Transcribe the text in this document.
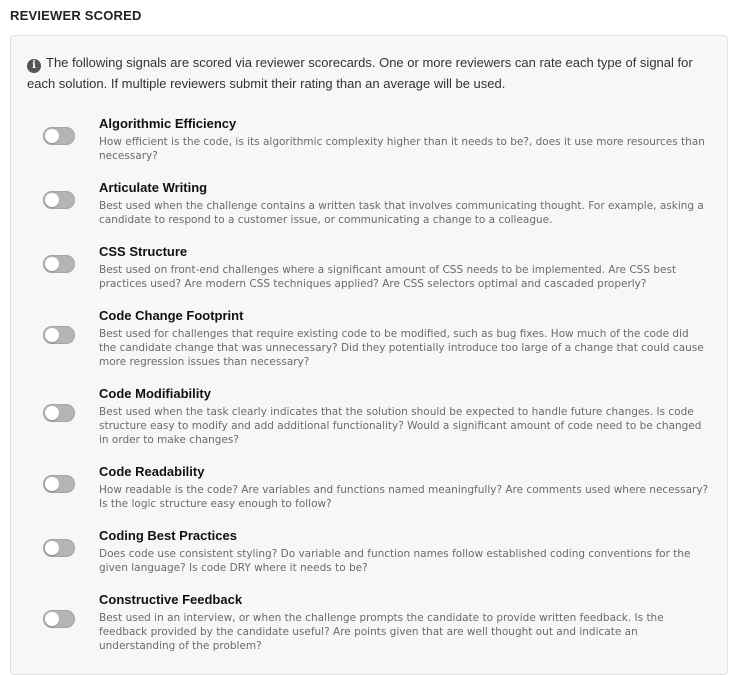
REVIEWER SCORED
i The following signals are scored via reviewer scorecards. One or more reviewers can rate each type of signal for each solution. If multiple reviewers submit their rating than an average will be used.
Algorithmic Efficiency
How efficient is the code, is its algorithmic complexity higher than it needs to be?, does it use more resources than necessary?
Articulate Writing
Best used when the challenge contains a written task that involves communicating thought. For example, asking a candidate to respond to a customer issue, or communicating a change to a colleague.
CSS Structure
Best used on front-end challenges where a significant amount of CSS needs to be implemented. Are CSS best practices used? Are modern CSS techniques applied? Are CSS selectors optimal and cascaded properly?
Code Change Footprint
Best used for challenges that require existing code to be modified, such as bug fixes. How much of the code did the candidate change that was unnecessary? Did they potentially introduce too large of a change that could cause more regression issues than necessary?
Code Modifiability
Best used when the task clearly indicates that the solution should be expected to handle future changes. Is code structure easy to modify and add additional functionality? Would a significant amount of code need to be changed in order to make changes?
Code Readability
How readable is the code? Are variables and functions named meaningfully? Are comments used where necessary? Is the logic structure easy enough to follow?
Coding Best Practices
Does code use consistent styling? Do variable and function names follow established coding conventions for the given language? Is code DRY where it needs to be?
Constructive Feedback
Best used in an interview, or when the challenge prompts the candidate to provide written feedback. Is the feedback provided by the candidate useful? Are points given that are well thought out and indicate an understanding of the problem?
